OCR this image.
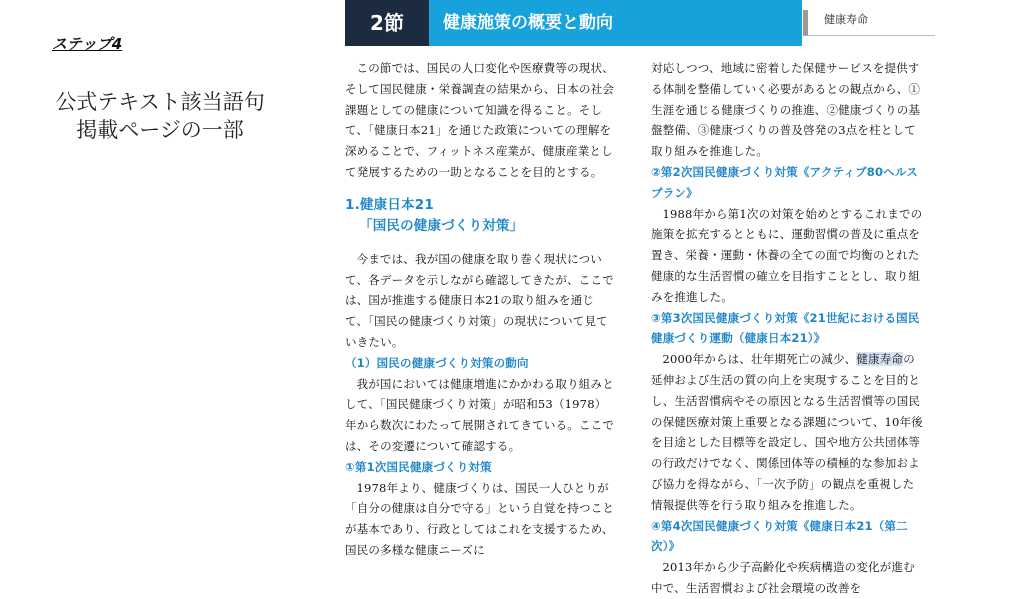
ステップ4
公式テキスト該当語句
掲載ページの一部
2節	健康施策の概要と動向	健康寿命

この節では、国民の人口変化や医療費等の現状、そして国民健康・栄養調査の結果から、日本の社会課題としての健康について知識を得ること。そして、「健康日本21」を通じた政策についての理解を深めることで、フィットネス産業が、健康産業として発展するための一助となることを目的とする。

1.健康日本21
「国民の健康づくり対策」

今までは、我が国の健康を取り巻く現状について、各データを示しながら確認してきたが、ここでは、国が推進する健康日本21の取り組みを通じて、「国民の健康づくり対策」の現状について見ていきたい。

（1）国民の健康づくり対策の動向

我が国においては健康増進にかかわる取り組みとして、「国民健康づくり対策」が昭和53（1978）年から数次にわたって展開されてきている。ここでは、その変遷について確認する。

①第1次国民健康づくり対策

1978年より、健康づくりは、国民一人ひとりが「自分の健康は自分で守る」という自覚を持つことが基本であり、行政としてはこれを支援するため、国民の多様な健康ニーズに

対応しつつ、地域に密着した保健サービスを提供する体制を整備していく必要があるとの観点から、①生涯を通じる健康づくりの推進、②健康づくりの基盤整備、③健康づくりの普及啓発の3点を柱として取り組みを推進した。

②第2次国民健康づくり対策《アクティブ80ヘルスプラン》

1988年から第1次の対策を始めとするこれまでの施策を拡充するとともに、運動習慣の普及に重点を置き、栄養・運動・休養の全ての面で均衡のとれた健康的な生活習慣の確立を目指すこととし、取り組みを推進した。

③第3次国民健康づくり対策《21世紀における国民健康づくり運動（健康日本21）》

2000年からは、壮年期死亡の減少、健康寿命の延伸および生活の質の向上を実現することを目的とし、生活習慣病やその原因となる生活習慣等の国民の保健医療対策上重要となる課題について、10年後を目途とした目標等を設定し、国や地方公共団体等の行政だけでなく、関係団体等の積極的な参加および協力を得ながら、「一次予防」の観点を重視した情報提供等を行う取り組みを推進した。

④第4次国民健康づくり対策《健康日本21（第二次）》

2013年から少子高齢化や疾病構造の変化が進む中で、生活習慣および社会環境の改善を
